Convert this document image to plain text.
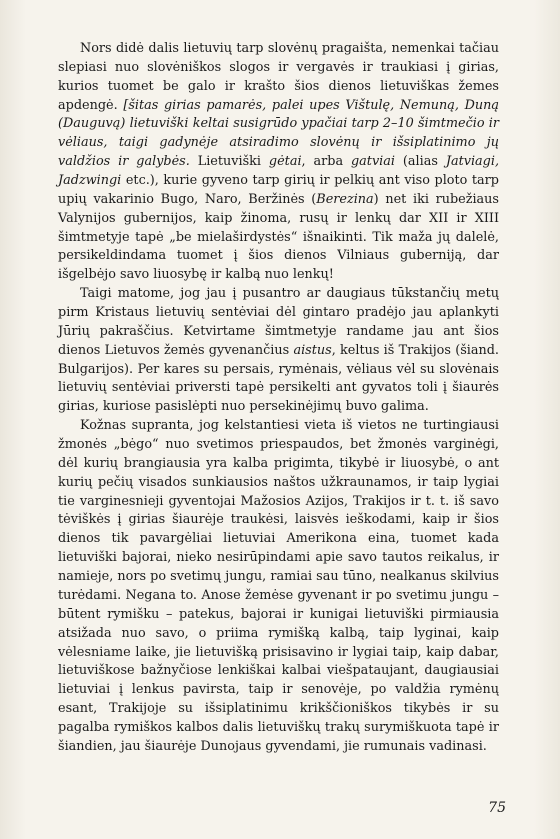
Nors didė dalis lietuvių tarp slovėnų pragaišta, nemenkai tačiau slepiasi nuo slovėniškos slogos ir vergavės ir traukiasi į girias, kurios tuomet be galo ir krašto šios dienos lietuviškas žemes apdengė. [šitas girias pamarės, palei upes Vištulę, Nemuną, Duną (Dauguvą) lietuviški keltai susigrūdo ypačiai tarp 2–10 šimtmečio ir vėliaus, taigi gadynėje atsiradimo slovėnų ir išsiplatinimo jų valdžios ir galybės. Lietuviški gėtai, arba gatviai (alias Jatviagi, Jadzwingi etc.), kurie gyveno tarp girių ir pelkių ant viso ploto tarp upių vakarinio Bugo, Naro, Beržinės (Berezina) net iki rubežiaus Valynijos gubernijos, kaip žinoma, rusų ir lenkų dar XII ir XIII šimtmetyje tapė „be mielaširdystės“ išnaikinti. Tik maža jų dalelė, persikeldindama tuomet į šios dienos Vilniaus guberniją, dar išgelbėjo savo liuosybę ir kalbą nuo lenkų!

Taigi matome, jog jau į pusantro ar daugiaus tūkstančių metų pirm Kristaus lietuvių sentėviai dėl gintaro pradėjo jau aplankyti Jūrių pakraščius. Ketvirtame šimtmetyje randame jau ant šios dienos Lietuvos žemės gyvenančius aistus, keltus iš Trakijos (šiand. Bulgarijos). Per kares su persais, rymėnais, vėliaus vėl su slovėnais lietuvių sentėviai priversti tapė persikelti ant gyvatos toli į šiaurės girias, kuriose pasislėpti nuo persekinėjimų buvo galima.

Kožnas supranta, jog kelstantiesi vieta iš vietos ne turtingiausi žmonės „bėgo“ nuo svetimos priespaudos, bet žmonės varginėgi, dėl kurių brangiausia yra kalba prigimta, tikybė ir liuosybė, o ant kurių pečių visados sunkiausios naštos užkraunamos, ir taip lygiai tie varginesnieji gyventojai Mažosios Azijos, Trakijos ir t. t. iš savo tėviškės į girias šiaurėje traukėsi, laisvės ieškodami, kaip ir šios dienos tik pavargėliai lietuviai Amerikona eina, tuomet kada lietuviški bajorai, nieko nesirūpindami apie savo tautos reikalus, ir namieje, nors po svetimų jungu, ramiai sau tūno, nealkanus skilvius turėdami. Negana to. Anose žemėse gyvenant ir po svetimu jungu – būtent rymišku – patekus, bajorai ir kunigai lietuviški pirmiausia atsižada nuo savo, o priima rymišką kalbą, taip lyginai, kaip vėlesniame laike, jie lietuvišką prisisavino ir lygiai taip, kaip dabar, lietuviškose bažnyčiose lenkiškai kalbai viešpataujant, daugiausiai lietuviai į lenkus pavirsta, taip ir senovėje, po valdžia rymėnų esant, Trakijoje su išsiplatinimu krikščioniškos tikybės ir su pagalba rymiškos kalbos dalis lietuviškų trakų surymiškuota tapė ir šiandien, jau šiaurėje Dunojaus gyvendami, jie rumunais vadinasi.

75
